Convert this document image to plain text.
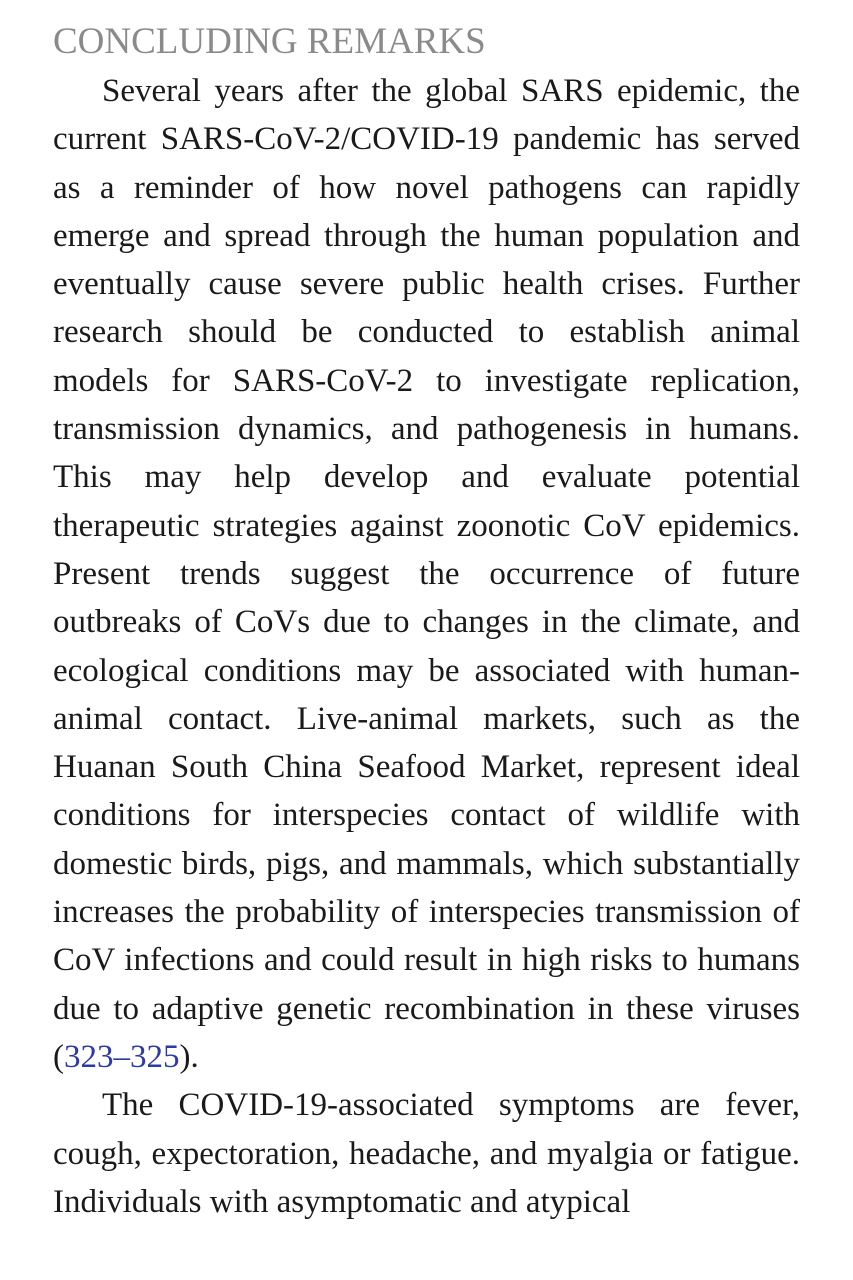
CONCLUDING REMARKS

Several years after the global SARS epidemic, the current SARS-CoV-2/COVID-19 pandemic has served as a reminder of how novel pathogens can rapidly emerge and spread through the human population and eventually cause severe public health crises. Further research should be conducted to establish animal models for SARS-CoV-2 to investigate replication, transmission dynamics, and pathogenesis in humans. This may help develop and evaluate potential therapeutic strategies against zoonotic CoV epidemics. Present trends suggest the occurrence of future outbreaks of CoVs due to changes in the climate, and ecological conditions may be associated with human-animal contact. Live-animal markets, such as the Huanan South China Seafood Market, represent ideal conditions for interspecies contact of wildlife with domestic birds, pigs, and mammals, which substantially increases the probability of interspecies transmission of CoV infections and could result in high risks to humans due to adaptive genetic recombination in these viruses (323–325).

The COVID-19-associated symptoms are fever, cough, expectoration, headache, and myalgia or fatigue. Individuals with asymptomatic and atypical
